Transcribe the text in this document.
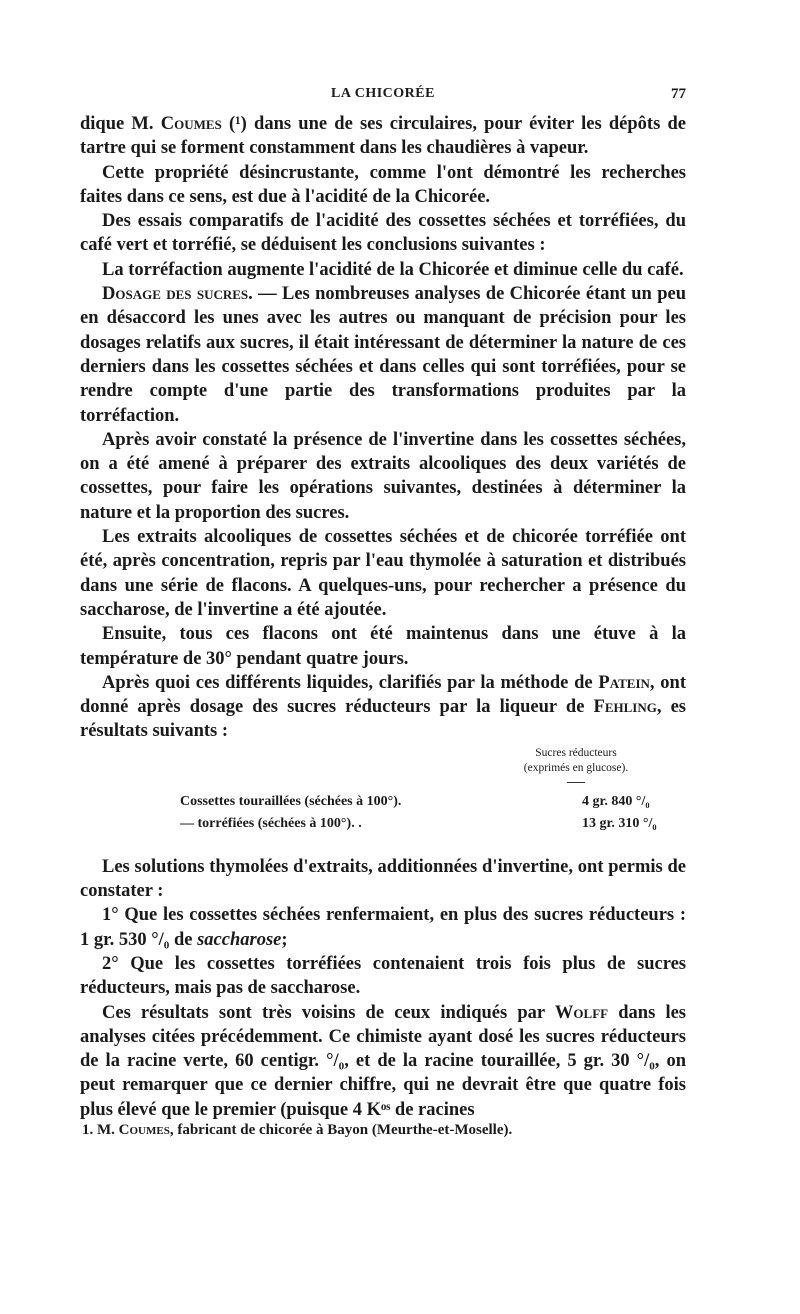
LA CHICORÉE	77

dique M. Coumes (¹) dans une de ses circulaires, pour éviter les dépôts de tartre qui se forment constamment dans les chaudières à vapeur.

Cette propriété désincrustante, comme l'ont démontré les recherches faites dans ce sens, est due à l'acidité de la Chicorée.

Des essais comparatifs de l'acidité des cossettes séchées et torréfiées, du café vert et torréfié, se déduisent les conclusions suivantes :

La torréfaction augmente l'acidité de la Chicorée et diminue celle du café.

Dosage des sucres. — Les nombreuses analyses de Chicorée étant un peu en désaccord les unes avec les autres ou manquant de précision pour les dosages relatifs aux sucres, il était intéressant de déterminer la nature de ces derniers dans les cossettes séchées et dans celles qui sont torréfiées, pour se rendre compte d'une partie des transformations produites par la torréfaction.

Après avoir constaté la présence de l'invertine dans les cossettes séchées, on a été amené à préparer des extraits alcooliques des deux variétés de cossettes, pour faire les opérations suivantes, destinées à déterminer la nature et la proportion des sucres.

Les extraits alcooliques de cossettes séchées et de chicorée torréfiée ont été, après concentration, repris par l'eau thymolée à saturation et distribués dans une série de flacons. A quelques-uns, pour rechercher a présence du saccharose, de l'invertine a été ajoutée.

Ensuite, tous ces flacons ont été maintenus dans une étuve à la température de 30° pendant quatre jours.

Après quoi ces différents liquides, clarifiés par la méthode de Patein, ont donné après dosage des sucres réducteurs par la liqueur de Fehling, es résultats suivants :

Sucres réducteurs
(exprimés en glucose).
Cossettes touraillées (séchées à 100°).	4 gr. 840 °/₀
— torréfiées (séchées à 100°). .	13 gr. 310 °/₀

Les solutions thymolées d'extraits, additionnées d'invertine, ont permis de constater :

1° Que les cossettes séchées renfermaient, en plus des sucres réducteurs : 1 gr. 530 °/₀ de saccharose;

2° Que les cossettes torréfiées contenaient trois fois plus de sucres réducteurs, mais pas de saccharose.

Ces résultats sont très voisins de ceux indiqués par Wolff dans les analyses citées précédemment. Ce chimiste ayant dosé les sucres réducteurs de la racine verte, 60 centigr. °/₀, et de la racine touraillée, 5 gr. 30 °/₀, on peut remarquer que ce dernier chiffre, qui ne devrait être que quatre fois plus élevé que le premier (puisque 4 Kᵒˢ de racines

1. M. Coumes, fabricant de chicorée à Bayon (Meurthe-et-Moselle).
